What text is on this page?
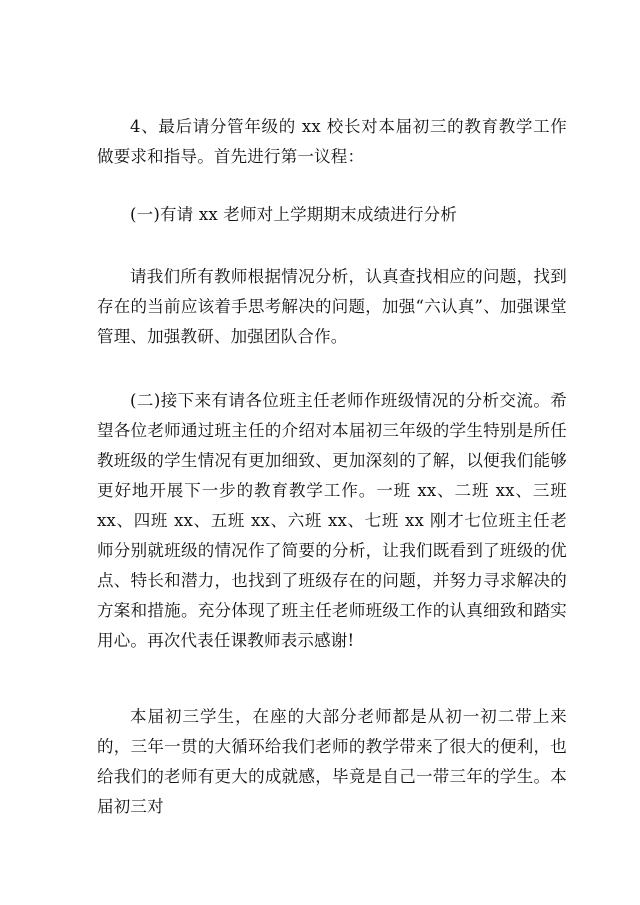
4、最后请分管年级的 xx 校长对本届初三的教育教学工作做要求和指导。首先进行第一议程：

(一)有请 xx 老师对上学期期末成绩进行分析

请我们所有教师根据情况分析，认真查找相应的问题，找到存在的当前应该着手思考解决的问题，加强“六认真”、加强课堂管理、加强教研、加强团队合作。

(二)接下来有请各位班主任老师作班级情况的分析交流。希望各位老师通过班主任的介绍对本届初三年级的学生特别是所任教班级的学生情况有更加细致、更加深刻的了解，以便我们能够更好地开展下一步的教育教学工作。一班 xx、二班 xx、三班 xx、四班 xx、五班 xx、六班 xx、七班 xx 刚才七位班主任老师分别就班级的情况作了简要的分析，让我们既看到了班级的优点、特长和潜力，也找到了班级存在的问题，并努力寻求解决的方案和措施。充分体现了班主任老师班级工作的认真细致和踏实用心。再次代表任课教师表示感谢!

本届初三学生，在座的大部分老师都是从初一初二带上来的，三年一贯的大循环给我们老师的教学带来了很大的便利，也给我们的老师有更大的成就感，毕竟是自己一带三年的学生。本届初三对
